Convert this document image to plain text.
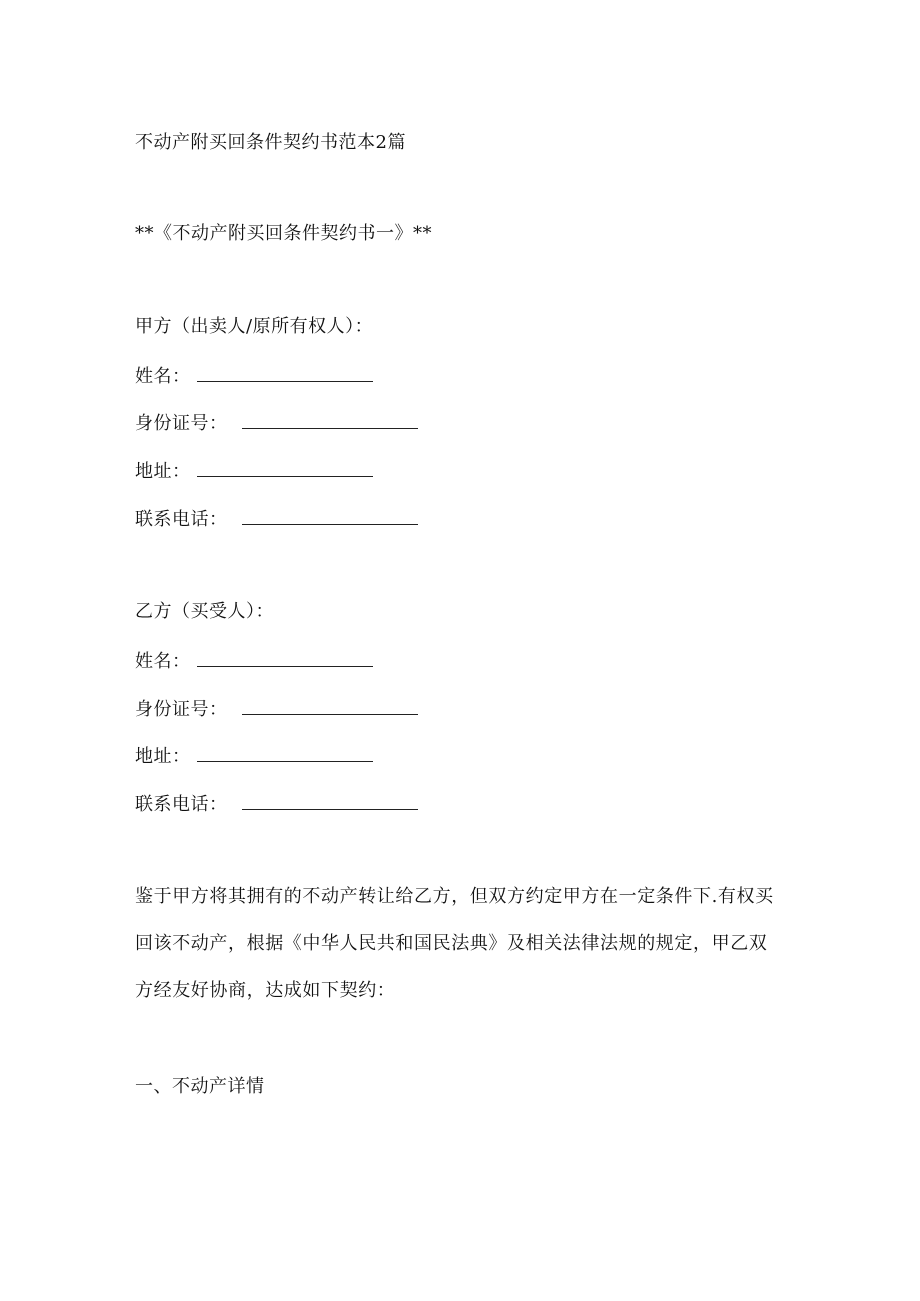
不动产附买回条件契约书范本2篇
**《不动产附买回条件契约书一》**
甲方（出卖人/原所有权人）：
姓名：
身份证号：
地址：
联系电话：
乙方（买受人）：
姓名：
身份证号：
地址：
联系电话：
鉴于甲方将其拥有的不动产转让给乙方，但双方约定甲方在一定条件下.有权买回该不动产，根据《中华人民共和国民法典》及相关法律法规的规定，甲乙双方经友好协商，达成如下契约：
一、不动产详情
